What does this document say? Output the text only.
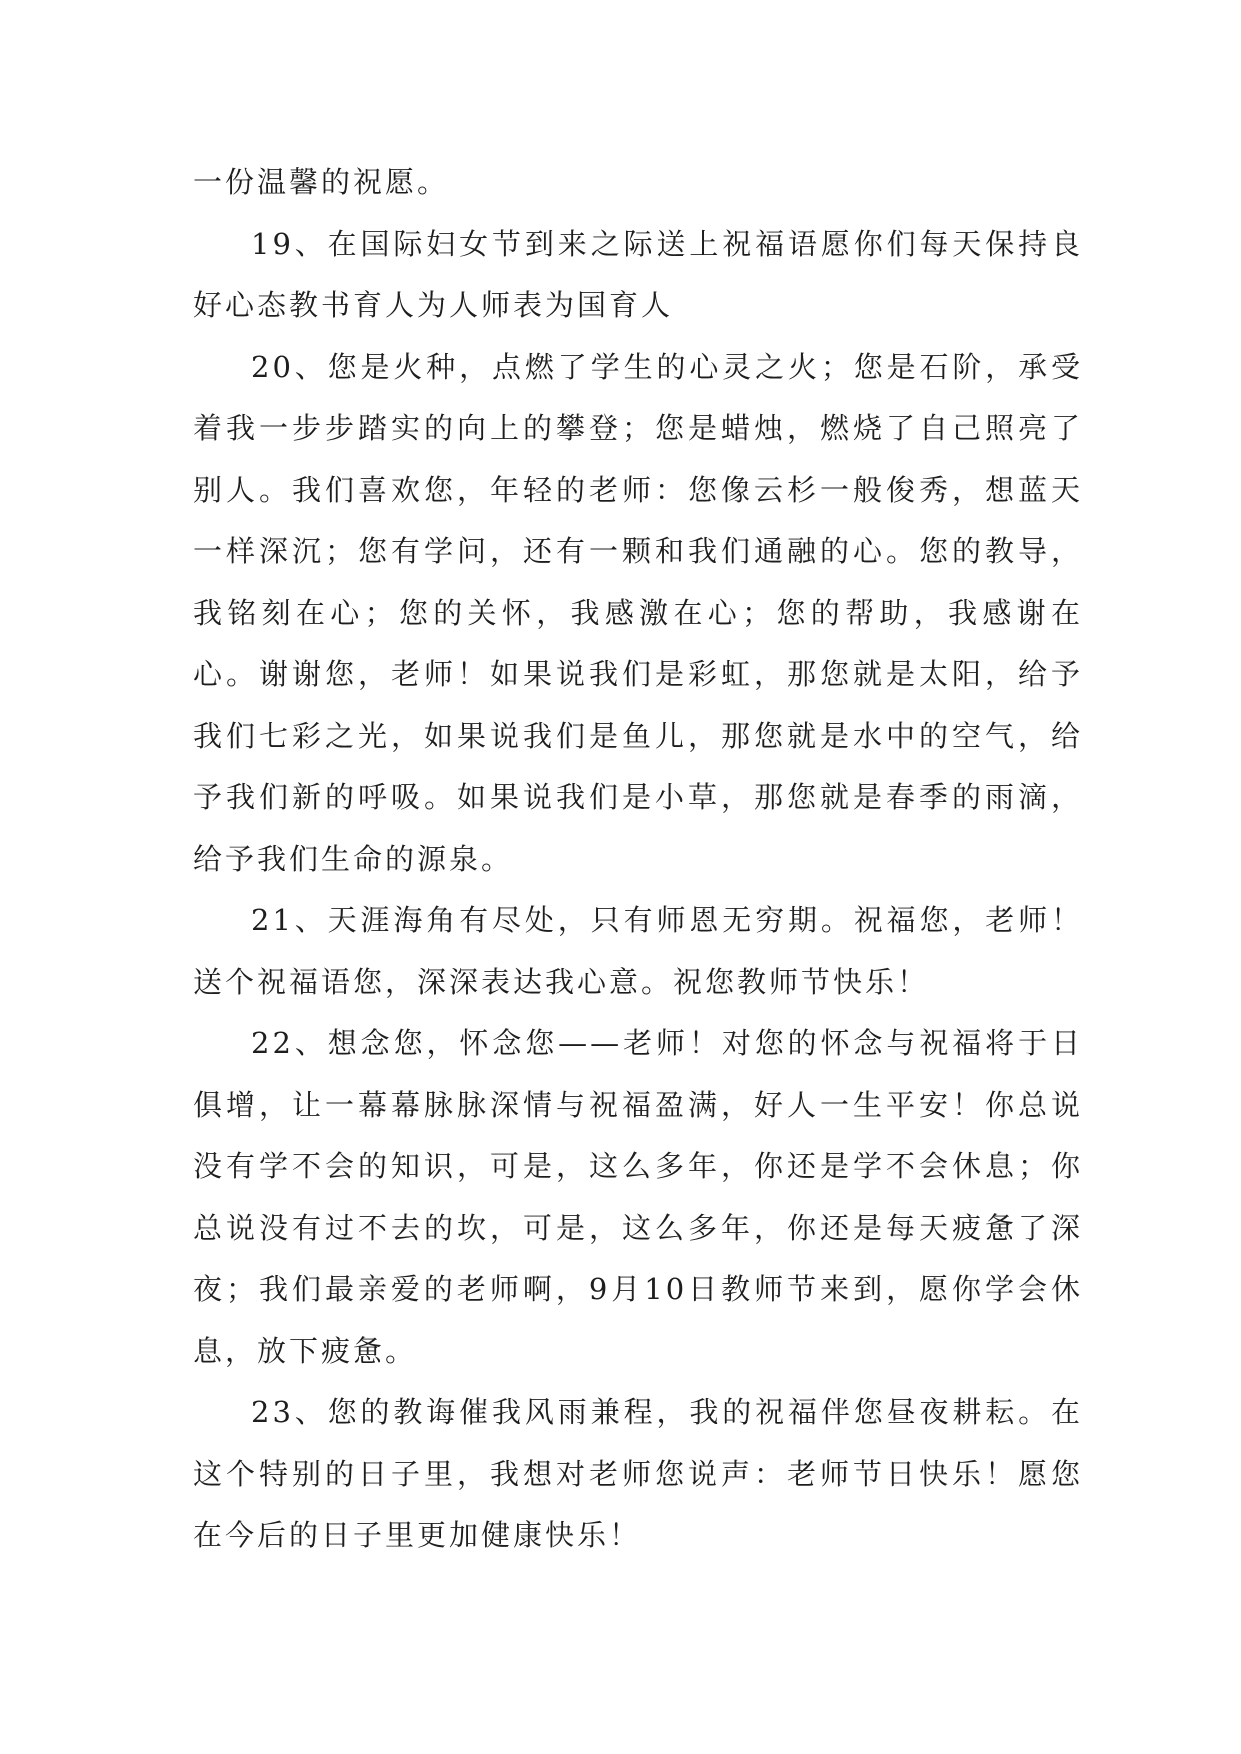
一份温馨的祝愿。

19、在国际妇女节到来之际送上祝福语愿你们每天保持良好心态教书育人为人师表为国育人

20、您是火种，点燃了学生的心灵之火；您是石阶，承受着我一步步踏实的向上的攀登；您是蜡烛，燃烧了自己照亮了别人。我们喜欢您，年轻的老师：您像云杉一般俊秀，想蓝天一样深沉；您有学问，还有一颗和我们通融的心。您的教导，我铭刻在心；您的关怀，我感激在心；您的帮助，我感谢在心。谢谢您，老师！如果说我们是彩虹，那您就是太阳，给予我们七彩之光，如果说我们是鱼儿，那您就是水中的空气，给予我们新的呼吸。如果说我们是小草，那您就是春季的雨滴，给予我们生命的源泉。

21、天涯海角有尽处，只有师恩无穷期。祝福您，老师！送个祝福语您，深深表达我心意。祝您教师节快乐！

22、想念您，怀念您——老师！对您的怀念与祝福将于日俱增，让一幕幕脉脉深情与祝福盈满，好人一生平安！你总说没有学不会的知识，可是，这么多年，你还是学不会休息；你总说没有过不去的坎，可是，这么多年，你还是每天疲惫了深夜；我们最亲爱的老师啊，9月10日教师节来到，愿你学会休息，放下疲惫。

23、您的教诲催我风雨兼程，我的祝福伴您昼夜耕耘。在这个特别的日子里，我想对老师您说声：老师节日快乐！愿您在今后的日子里更加健康快乐！
